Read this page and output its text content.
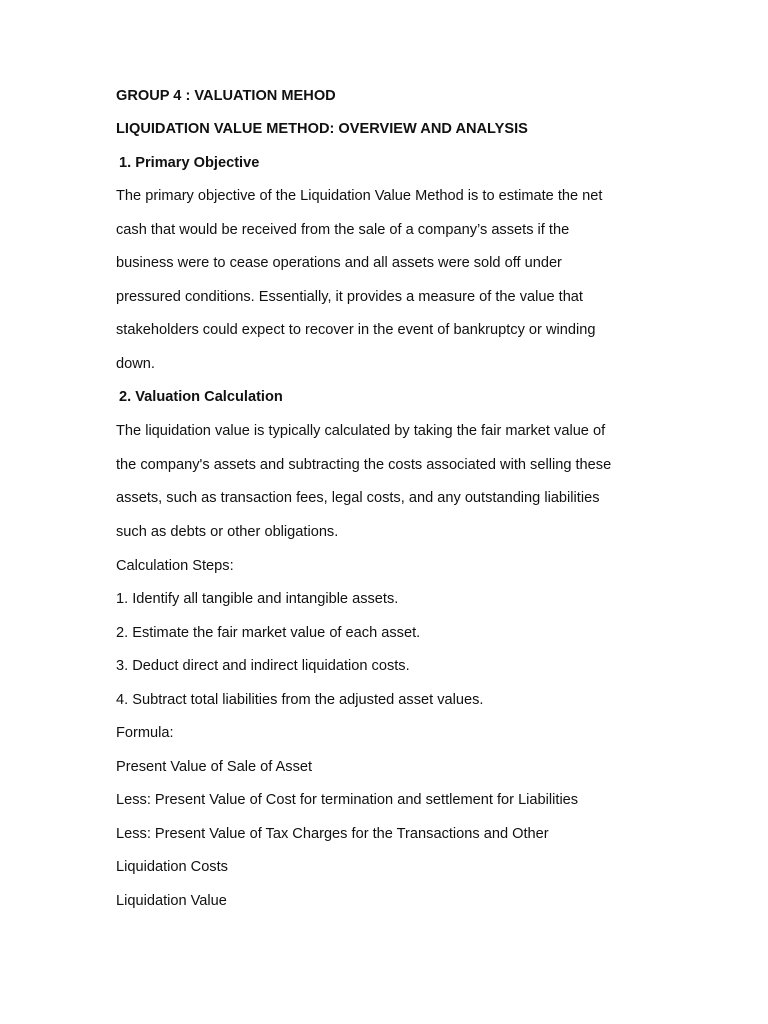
GROUP 4 : VALUATION MEHOD
LIQUIDATION VALUE METHOD: OVERVIEW AND ANALYSIS
1. Primary Objective

The primary objective of the Liquidation Value Method is to estimate the net

cash that would be received from the sale of a company’s assets if the

business were to cease operations and all assets were sold off under

pressured conditions. Essentially, it provides a measure of the value that

stakeholders could expect to recover in the event of bankruptcy or winding

down.

2. Valuation Calculation

The liquidation value is typically calculated by taking the fair market value of

the company's assets and subtracting the costs associated with selling these

assets, such as transaction fees, legal costs, and any outstanding liabilities

such as debts or other obligations.

Calculation Steps:

1. Identify all tangible and intangible assets.

2. Estimate the fair market value of each asset.

3. Deduct direct and indirect liquidation costs.

4. Subtract total liabilities from the adjusted asset values.

Formula:

Present Value of Sale of Asset

Less: Present Value of Cost for termination and settlement for Liabilities

Less: Present Value of Tax Charges for the Transactions and Other

Liquidation Costs

Liquidation Value
